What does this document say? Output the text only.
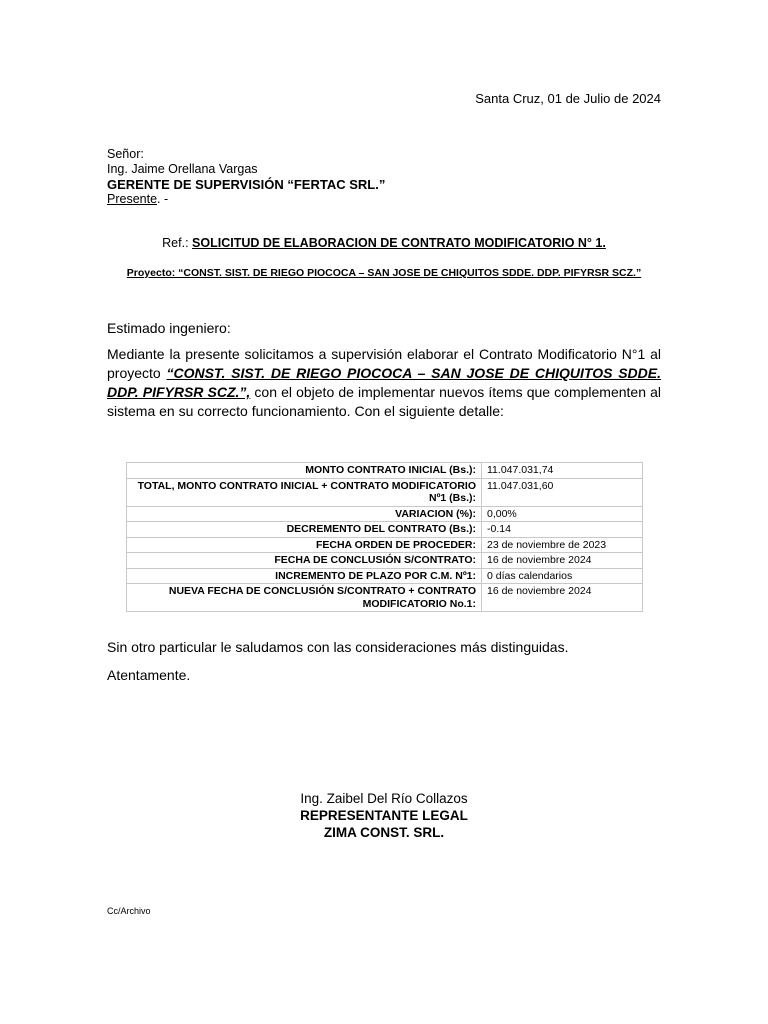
Santa Cruz, 01 de Julio de 2024
Señor:
Ing. Jaime Orellana Vargas
GERENTE DE SUPERVISIÓN “FERTAC SRL.”
Presente. -
Ref.: SOLICITUD DE ELABORACION DE CONTRATO MODIFICATORIO N° 1.
Proyecto: “CONST. SIST. DE RIEGO PIOCOCA – SAN JOSE DE CHIQUITOS SDDE. DDP. PIFYRSR SCZ.”
Estimado ingeniero:
Mediante la presente solicitamos a supervisión elaborar el Contrato Modificatorio N°1 al proyecto “CONST. SIST. DE RIEGO PIOCOCA – SAN JOSE DE CHIQUITOS SDDE. DDP. PIFYRSR SCZ.”, con el objeto de implementar nuevos ítems que complementen al sistema en su correcto funcionamiento. Con el siguiente detalle:
MONTO CONTRATO INICIAL (Bs.):	11.047.031,74
TOTAL, MONTO CONTRATO INICIAL + CONTRATO MODIFICATORIO Nº1 (Bs.):	11.047.031,60
VARIACION (%):	0,00%
DECREMENTO DEL CONTRATO (Bs.):	-0.14
FECHA ORDEN DE PROCEDER:	23 de noviembre de 2023
FECHA DE CONCLUSIÓN S/CONTRATO:	16 de noviembre 2024
INCREMENTO DE PLAZO POR C.M. Nº1:	0 días calendarios
NUEVA FECHA DE CONCLUSIÓN S/CONTRATO + CONTRATO MODIFICATORIO No.1:	16 de noviembre 2024
Sin otro particular le saludamos con las consideraciones más distinguidas.
Atentamente.
Ing. Zaibel Del Río Collazos
REPRESENTANTE LEGAL
ZIMA CONST. SRL.
Cc/Archivo
